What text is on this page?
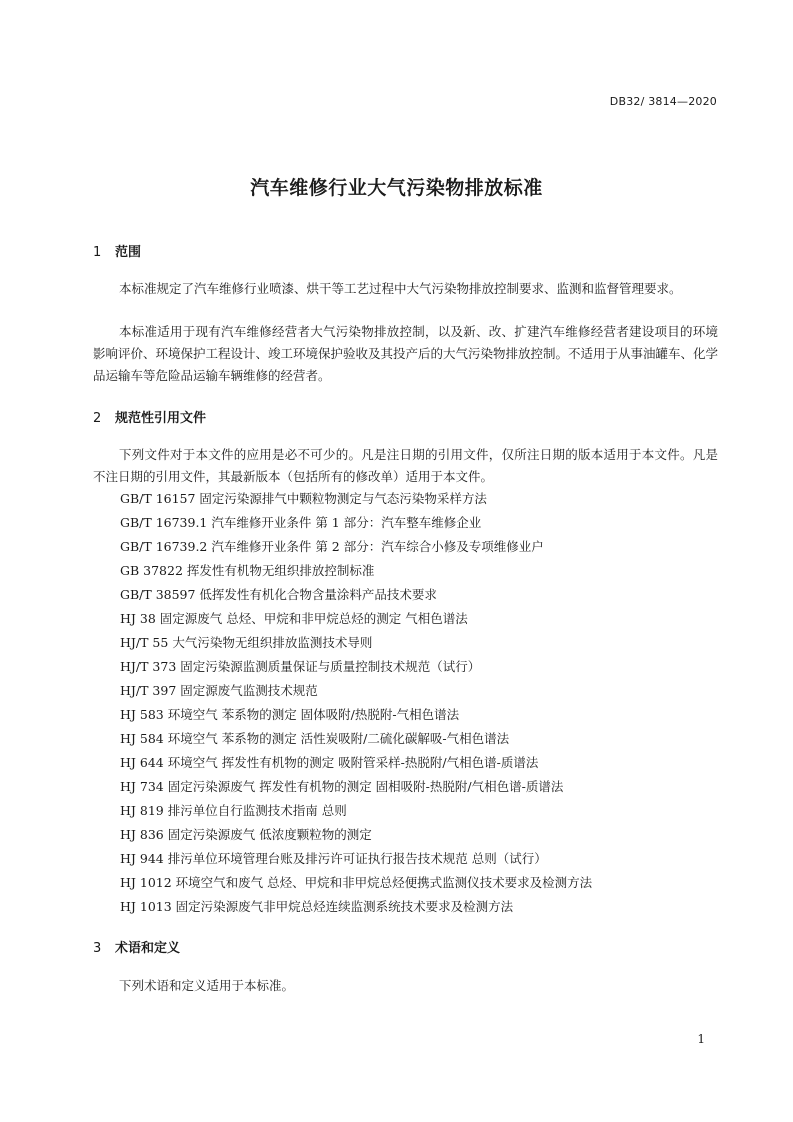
DB32/ 3814—2020
汽车维修行业大气污染物排放标准
1 范围
本标准规定了汽车维修行业喷漆、烘干等工艺过程中大气污染物排放控制要求、监测和监督管理要求。
本标准适用于现有汽车维修经营者大气污染物排放控制，以及新、改、扩建汽车维修经营者建设项目的环境影响评价、环境保护工程设计、竣工环境保护验收及其投产后的大气污染物排放控制。不适用于从事油罐车、化学品运输车等危险品运输车辆维修的经营者。
2 规范性引用文件
下列文件对于本文件的应用是必不可少的。凡是注日期的引用文件，仅所注日期的版本适用于本文件。凡是不注日期的引用文件，其最新版本（包括所有的修改单）适用于本文件。
GB/T 16157 固定污染源排气中颗粒物测定与气态污染物采样方法
GB/T 16739.1 汽车维修开业条件 第 1 部分：汽车整车维修企业
GB/T 16739.2 汽车维修开业条件 第 2 部分：汽车综合小修及专项维修业户
GB 37822 挥发性有机物无组织排放控制标准
GB/T 38597 低挥发性有机化合物含量涂料产品技术要求
HJ 38 固定源废气 总烃、甲烷和非甲烷总烃的测定 气相色谱法
HJ/T 55 大气污染物无组织排放监测技术导则
HJ/T 373 固定污染源监测质量保证与质量控制技术规范（试行）
HJ/T 397 固定源废气监测技术规范
HJ 583 环境空气 苯系物的测定 固体吸附/热脱附-气相色谱法
HJ 584 环境空气 苯系物的测定 活性炭吸附/二硫化碳解吸-气相色谱法
HJ 644 环境空气 挥发性有机物的测定 吸附管采样-热脱附/气相色谱-质谱法
HJ 734 固定污染源废气 挥发性有机物的测定 固相吸附-热脱附/气相色谱-质谱法
HJ 819 排污单位自行监测技术指南 总则
HJ 836 固定污染源废气 低浓度颗粒物的测定
HJ 944 排污单位环境管理台账及排污许可证执行报告技术规范 总则（试行）
HJ 1012 环境空气和废气 总烃、甲烷和非甲烷总烃便携式监测仪技术要求及检测方法
HJ 1013 固定污染源废气非甲烷总烃连续监测系统技术要求及检测方法
3 术语和定义
下列术语和定义适用于本标准。
1
